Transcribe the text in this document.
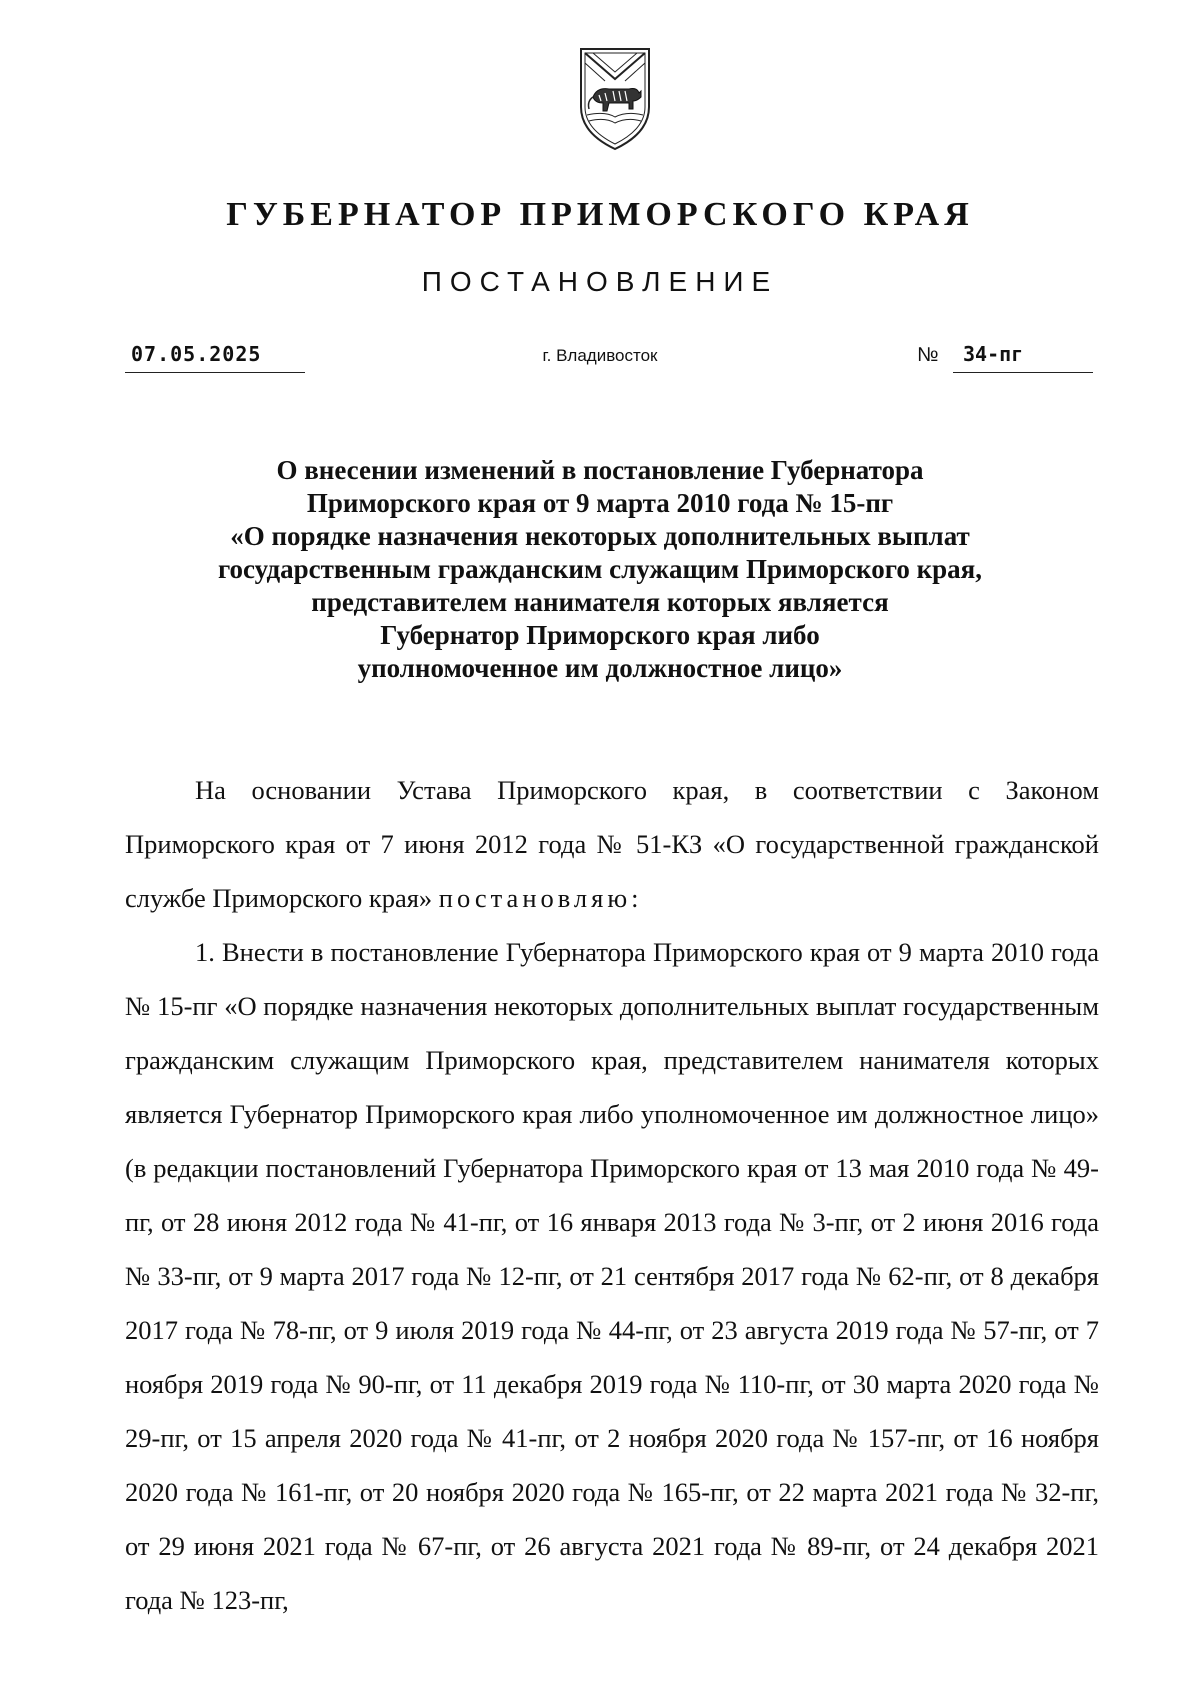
ГУБЕРНАТОР ПРИМОРСКОГО КРАЯ
ПОСТАНОВЛЕНИЕ
07.05.2025	г. Владивосток	№ 34-пг
О внесении изменений в постановление Губернатора
Приморского края от 9 марта 2010 года № 15-пг
«О порядке назначения некоторых дополнительных выплат
государственным гражданским служащим Приморского края,
представителем нанимателя которых является
Губернатор Приморского края либо
уполномоченное им должностное лицо»

На основании Устава Приморского края, в соответствии с Законом Приморского края от 7 июня 2012 года № 51-КЗ «О государственной гражданской службе Приморского края» постановляю:

1. Внести в постановление Губернатора Приморского края от 9 марта 2010 года № 15-пг «О порядке назначения некоторых дополнительных выплат государственным гражданским служащим Приморского края, представителем нанимателя которых является Губернатор Приморского края либо уполномоченное им должностное лицо» (в редакции постановлений Губернатора Приморского края от 13 мая 2010 года № 49-пг, от 28 июня 2012 года № 41-пг, от 16 января 2013 года № 3-пг, от 2 июня 2016 года № 33-пг, от 9 марта 2017 года № 12-пг, от 21 сентября 2017 года № 62-пг, от 8 декабря 2017 года № 78-пг, от 9 июля 2019 года № 44-пг, от 23 августа 2019 года № 57-пг, от 7 ноября 2019 года № 90-пг, от 11 декабря 2019 года № 110-пг, от 30 марта 2020 года № 29-пг, от 15 апреля 2020 года № 41-пг, от 2 ноября 2020 года № 157-пг, от 16 ноября 2020 года № 161-пг, от 20 ноября 2020 года № 165-пг, от 22 марта 2021 года № 32-пг, от 29 июня 2021 года № 67-пг, от 26 августа 2021 года № 89-пг, от 24 декабря 2021 года № 123-пг,
